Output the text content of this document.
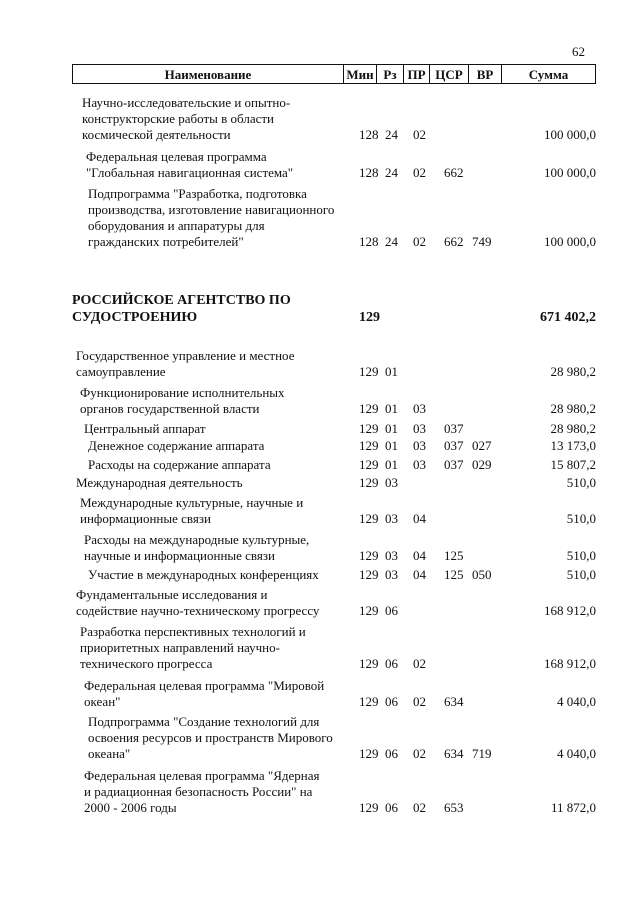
62
Наименование	Мин Рз ПР ЦСР	ВР	Сумма
Научно-исследовательские и опытно-
конструкторские работы в области
космической деятельности	128 24 02	100 000,0
Федеральная целевая программа
"Глобальная навигационная система"	128 24 02 662	100 000,0
Подпрограмма "Разработка, подготовка
производства, изготовление навигационного
оборудования и аппаратуры для
гражданских потребителей"	128 24 02 662 749	100 000,0
РОССИЙСКОЕ АГЕНТСТВО ПО
СУДОСТРОЕНИЮ	129	671 402,2
Государственное управление и местное
самоуправление	129 01	28 980,2
Функционирование исполнительных
органов государственной власти	129 01 03	28 980,2
Центральный аппарат	129 01 03 037	28 980,2
Денежное содержание аппарата	129 01 03 037 027	13 173,0
Расходы на содержание аппарата	129 01 03 037 029	15 807,2
Международная деятельность	129 03	510,0
Международные культурные, научные и
информационные связи	129 03 04	510,0
Расходы на международные культурные,
научные и информационные связи	129 03 04 125	510,0
Участие в международных конференциях	129 03 04 125 050	510,0
Фундаментальные исследования и
содействие научно-техническому прогрессу	129 06	168 912,0
Разработка перспективных технологий и
приоритетных направлений научно-
технического прогресса	129 06 02	168 912,0
Федеральная целевая программа "Мировой
океан"	129 06 02 634	4 040,0
Подпрограмма "Создание технологий для
освоения ресурсов и пространств Мирового
океана"	129 06 02 634 719	4 040,0
Федеральная целевая программа "Ядерная
и радиационная безопасность России" на
2000 - 2006 годы	129 06 02 653	11 872,0
